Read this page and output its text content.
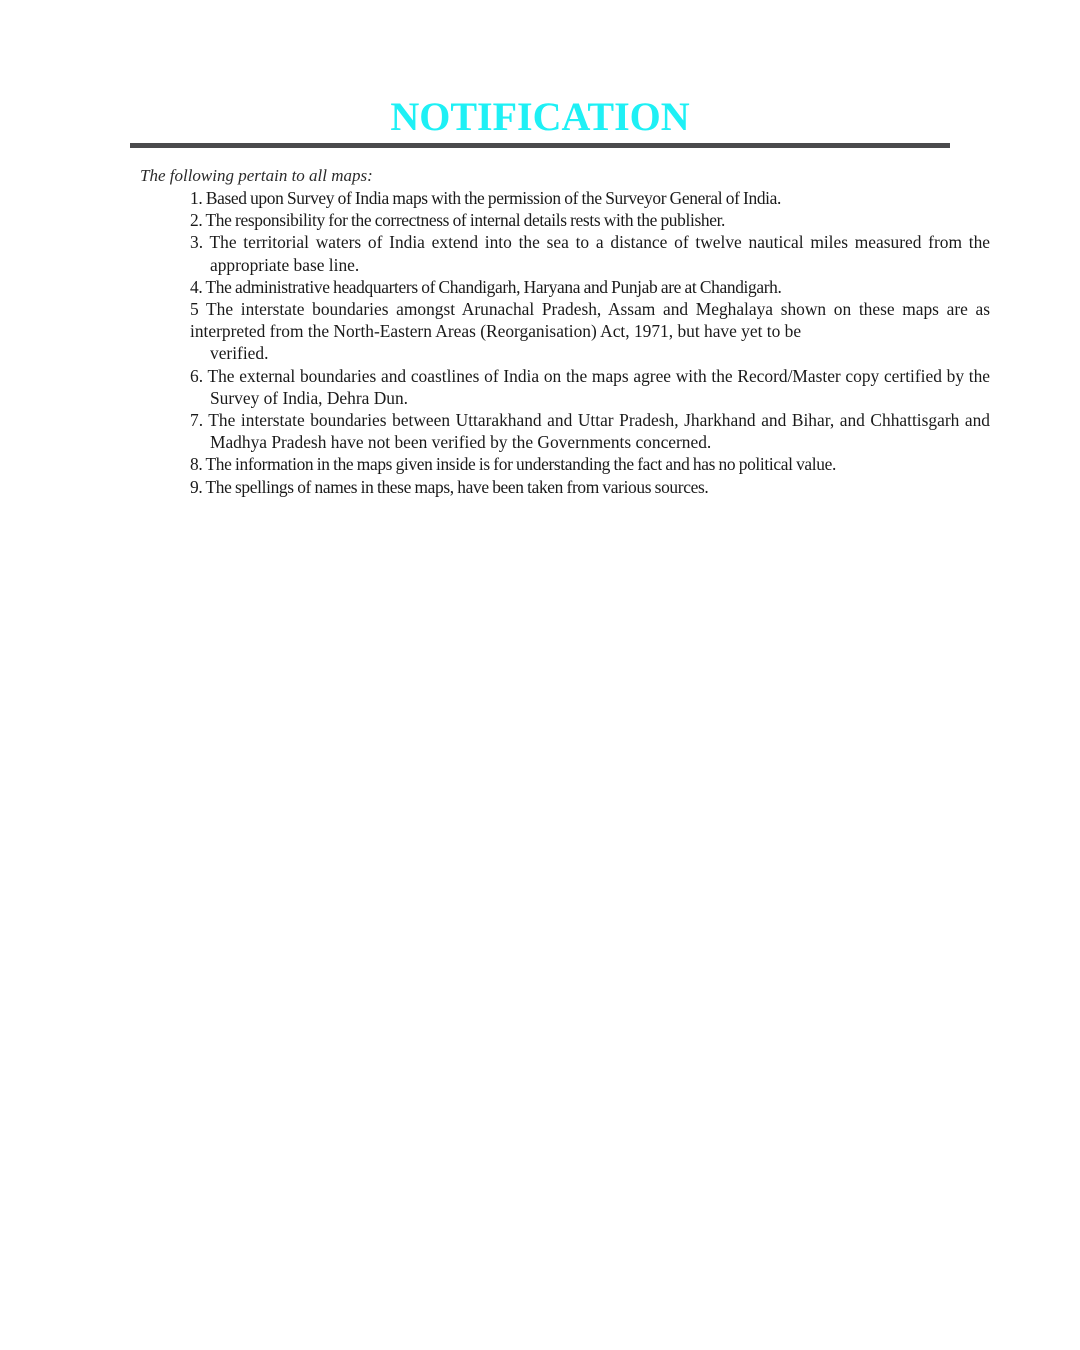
NOTIFICATION

The following pertain to all maps:

1. Based upon Survey of India maps with the permission of the Surveyor General of India.
2. The responsibility for the correctness of internal details rests with the publisher.
3. The territorial waters of India extend into the sea to a distance of twelve nautical miles measured from the appropriate base line.
4. The administrative headquarters of Chandigarh, Haryana and Punjab are at Chandigarh.
5 The interstate boundaries amongst Arunachal Pradesh, Assam and Meghalaya shown on these maps are as interpreted from the North-Eastern Areas (Reorganisation) Act, 1971, but have yet to be
verified.
6. The external boundaries and coastlines of India on the maps agree with the Record/Master copy certified by the Survey of India, Dehra Dun.
7. The interstate boundaries between Uttarakhand and Uttar Pradesh, Jharkhand and Bihar, and Chhattisgarh and Madhya Pradesh have not been verified by the Governments concerned.
8. The information in the maps given inside is for understanding the fact and has no political value.
9. The spellings of names in these maps, have been taken from various sources.
